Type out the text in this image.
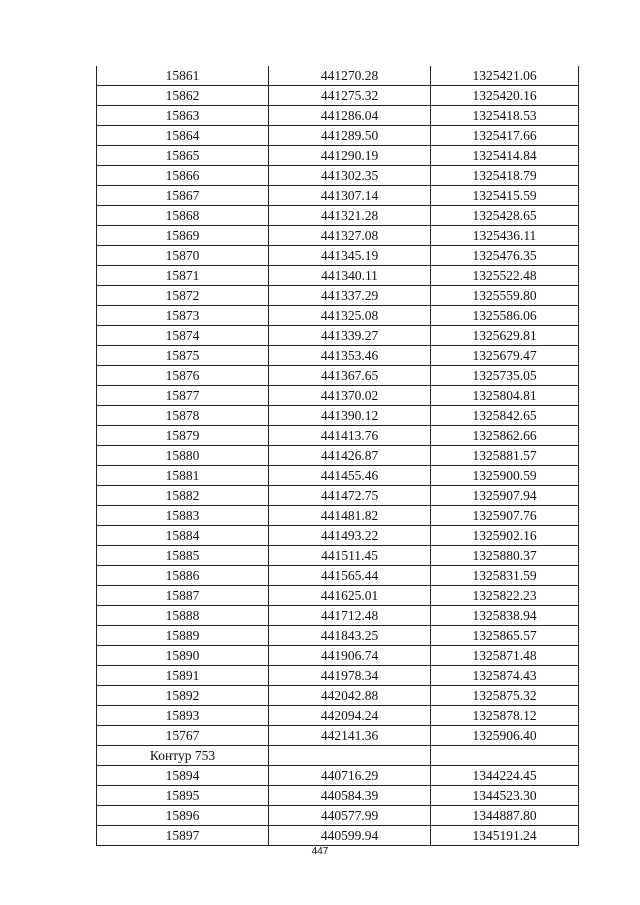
15861	441270.28	1325421.06
15862	441275.32	1325420.16
15863	441286.04	1325418.53
15864	441289.50	1325417.66
15865	441290.19	1325414.84
15866	441302.35	1325418.79
15867	441307.14	1325415.59
15868	441321.28	1325428.65
15869	441327.08	1325436.11
15870	441345.19	1325476.35
15871	441340.11	1325522.48
15872	441337.29	1325559.80
15873	441325.08	1325586.06
15874	441339.27	1325629.81
15875	441353.46	1325679.47
15876	441367.65	1325735.05
15877	441370.02	1325804.81
15878	441390.12	1325842.65
15879	441413.76	1325862.66
15880	441426.87	1325881.57
15881	441455.46	1325900.59
15882	441472.75	1325907.94
15883	441481.82	1325907.76
15884	441493.22	1325902.16
15885	441511.45	1325880.37
15886	441565.44	1325831.59
15887	441625.01	1325822.23
15888	441712.48	1325838.94
15889	441843.25	1325865.57
15890	441906.74	1325871.48
15891	441978.34	1325874.43
15892	442042.88	1325875.32
15893	442094.24	1325878.12
15767	442141.36	1325906.40
Контур 753		
15894	440716.29	1344224.45
15895	440584.39	1344523.30
15896	440577.99	1344887.80
15897	440599.94	1345191.24
447
